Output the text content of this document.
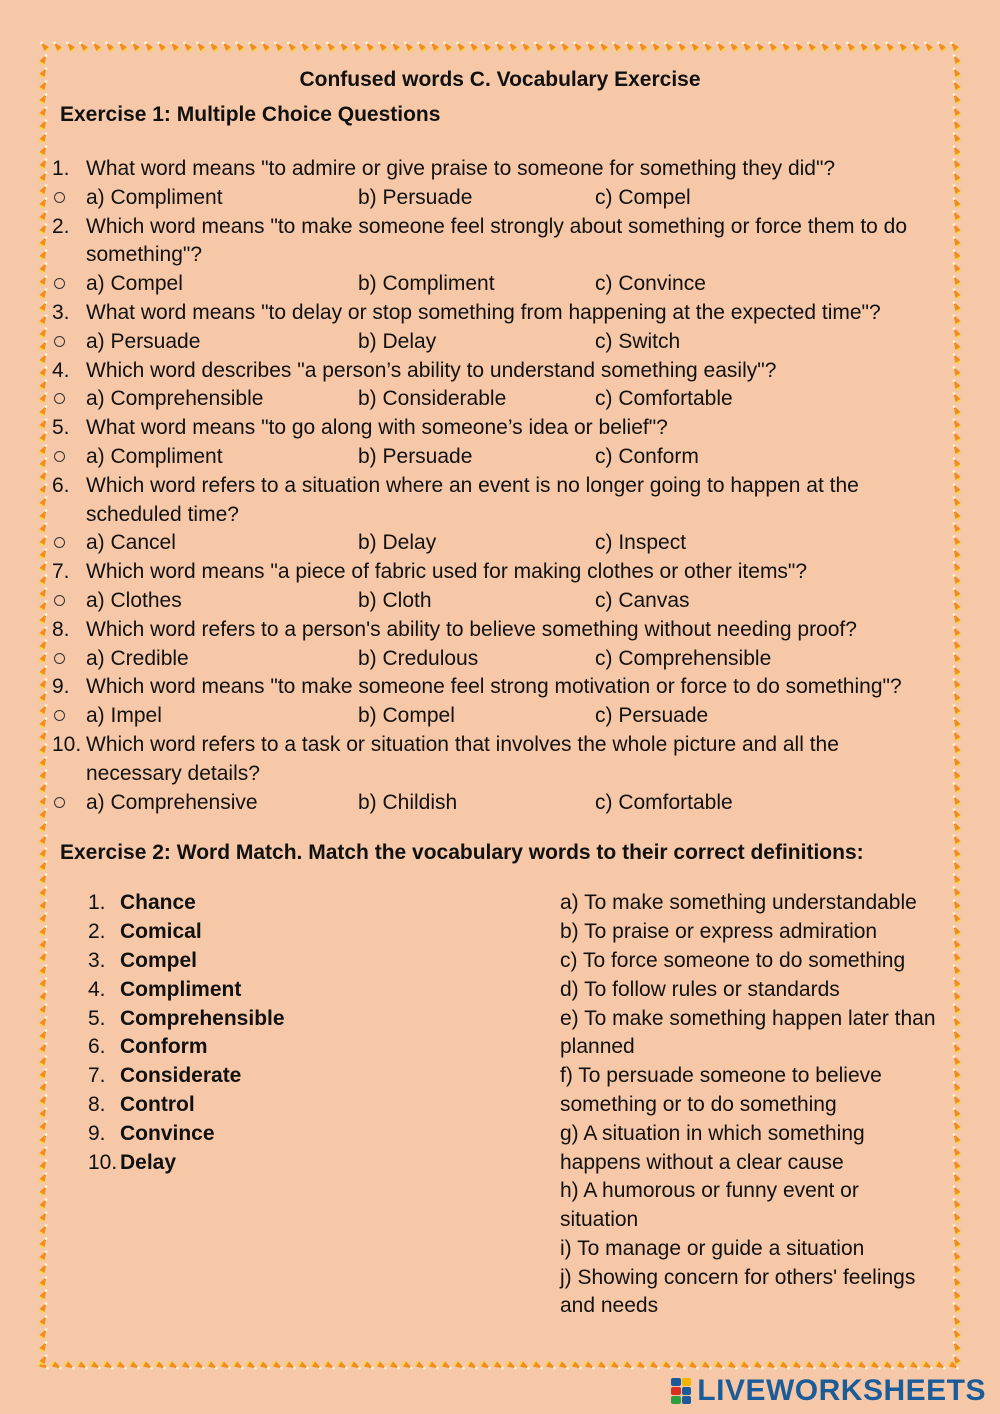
Confused words C. Vocabulary Exercise
Exercise 1: Multiple Choice Questions
1. What word means "to admire or give praise to someone for something they did"?
a) Compliment	b) Persuade	c) Compel
2. Which word means "to make someone feel strongly about something or force them to do something"?
a) Compel	b) Compliment	c) Convince
3. What word means "to delay or stop something from happening at the expected time"?
a) Persuade	b) Delay	c) Switch
4. Which word describes "a person’s ability to understand something easily"?
a) Comprehensible	b) Considerable	c) Comfortable
5. What word means "to go along with someone’s idea or belief"?
a) Compliment	b) Persuade	c) Conform
6. Which word refers to a situation where an event is no longer going to happen at the scheduled time?
a) Cancel	b) Delay	c) Inspect
7. Which word means "a piece of fabric used for making clothes or other items"?
a) Clothes	b) Cloth	c) Canvas
8. Which word refers to a person's ability to believe something without needing proof?
a) Credible	b) Credulous	c) Comprehensible
9. Which word means "to make someone feel strong motivation or force to do something"?
a) Impel	b) Compel	c) Persuade
10. Which word refers to a task or situation that involves the whole picture and all the necessary details?
a) Comprehensive	b) Childish	c) Comfortable
Exercise 2: Word Match. Match the vocabulary words to their correct definitions:
1. Chance
2. Comical
3. Compel
4. Compliment
5. Comprehensible
6. Conform
7. Considerate
8. Control
9. Convince
10. Delay
a) To make something understandable
b) To praise or express admiration
c) To force someone to do something
d) To follow rules or standards
e) To make something happen later than planned
f) To persuade someone to believe something or to do something
g) A situation in which something happens without a clear cause
h) A humorous or funny event or situation
i) To manage or guide a situation
j) Showing concern for others' feelings and needs
LIVEWORKSHEETS
